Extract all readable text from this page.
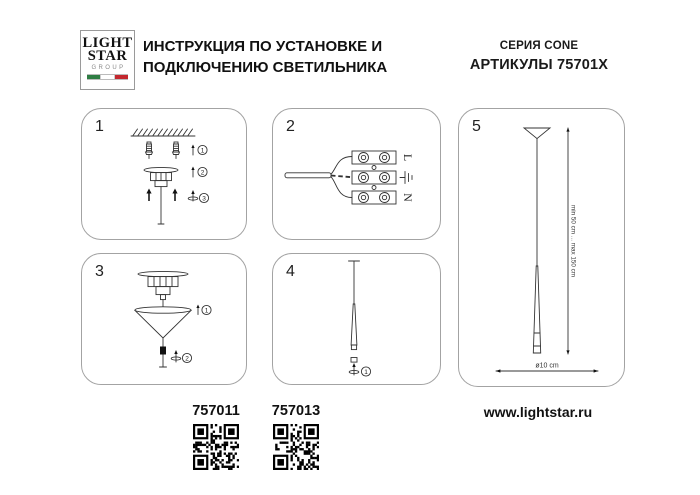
LIGHT
STAR
GROUP
ИНСТРУКЦИЯ ПО УСТАНОВКЕ И
ПОДКЛЮЧЕНИЮ СВЕТИЛЬНИКА
СЕРИЯ CONE
АРТИКУЛЫ 75701X
1
1
2
3
2
L
N
3
1
2
4
1
5
min 50 cm ... max 150 cm
ø10 cm
757011	757013	www.lightstar.ru
